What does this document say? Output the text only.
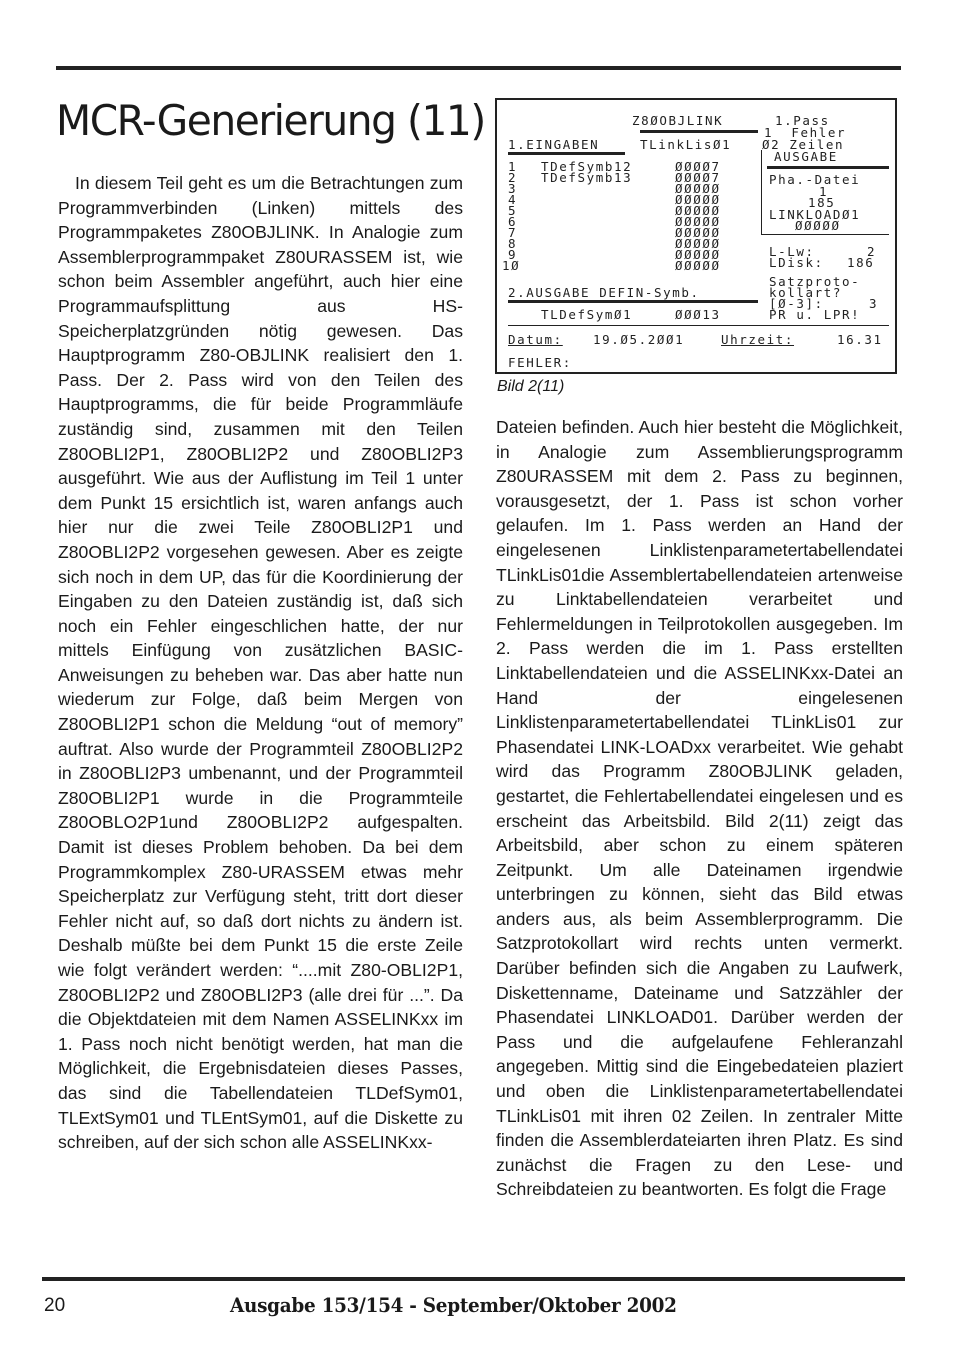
MCR-Generierung (11)

In diesem Teil geht es um die Betrachtungen zum Programmverbinden (Linken) mittels des Programmpaketes Z80OBJLINK. In Analogie zum Assemblerprogrammpaket Z80URASSEM ist, wie schon beim Assembler angeführt, auch hier eine Programmaufsplittung aus HS-Speicherplatzgründen nötig gewesen. Das Hauptprogramm Z80-OBJLINK realisiert den 1. Pass. Der 2. Pass wird von den Teilen des Hauptprogramms, die für beide Programmläufe zuständig sind, zusammen mit den Teilen Z80OBLI2P1, Z80OBLI2P2 und Z80OBLI2P3 ausgeführt. Wie aus der Auflistung im Teil 1 unter dem Punkt 15 ersichtlich ist, waren anfangs auch hier nur die zwei Teile Z80OBLI2P1 und Z80OBLI2P2 vorgesehen gewesen. Aber es zeigte sich noch in dem UP, das für die Koordinierung der Eingaben zu den Dateien zuständig ist, daß sich noch ein Fehler eingeschlichen hatte, der nur mittels Einfügung von zusätzlichen BASIC-Anweisungen zu beheben war. Das aber hatte nun wiederum zur Folge, daß beim Mergen von Z80OBLI2P1 schon die Meldung “out of memory” auftrat. Also wurde der Programmteil Z80OBLI2P2 in Z80OBLI2P3 umbenannt, und der Programmteil Z80OBLI2P1 wurde in die Programmteile Z80OBLO2P1und Z80OBLI2P2 aufgespalten. Damit ist dieses Problem behoben. Da bei dem Programmkomplex Z80-URASSEM etwas mehr Speicherplatz zur Verfügung steht, tritt dort dieser Fehler nicht auf, so daß dort nichts zu ändern ist. Deshalb müßte bei dem Punkt 15 die erste Zeile wie folgt verändert werden: “....mit Z80-OBLI2P1, Z80OBLI2P2 und Z80OBLI2P3 (alle drei für ...”. Da die Objektdateien mit dem Namen ASSELINKxx im 1. Pass noch nicht benötigt werden, hat man die Möglichkeit, die Ergebnisdateien dieses Passes, das sind die Tabellendateien TLDefSym01, TLExtSym01 und TLEntSym01, auf die Diskette zu schreiben, auf der sich schon alle ASSELINKxx-

Z8ØOBJLINK	1.Pass
1  Fehler
1.EINGABEN	TLinkLisØ1 Ø2 Zeilen
AUSGABE
1 TDefSymb12	ØØØØ7
2 TDefSymb13	ØØØØ7
3	ØØØØØ
4	ØØØØØ
5	ØØØØØ
6	ØØØØØ
7	ØØØØØ
8	ØØØØØ
9	ØØØØØ
1Ø	ØØØØØ
Pha.-Datei
1
185
LINKLOADØ1
ØØØØØ
L-Lw:	2
LDisk: 186
Satzproto-
kollart?
[Ø-3]:	3
PR u. LPR!
2.AUSGABE DEFIN-Symb.
TLDefSymØ1	ØØØ13
Datum: 19.Ø5.2ØØ1	Uhrzeit:	16.31
FEHLER:
Bild 2(11)

Dateien befinden. Auch hier besteht die Möglichkeit, in Analogie zum Assemblierungsprogramm Z80URASSEM mit dem 2. Pass zu beginnen, vorausgesetzt, der 1. Pass ist schon vorher gelaufen. Im 1. Pass werden an Hand der eingelesenen Linklistenparametertabellendatei TLinkLis01die Assemblertabellendateien artenweise zu Linktabellendateien verarbeitet und Fehlermeldungen in Teilprotokollen ausgegeben. Im 2. Pass werden die im 1. Pass erstellten Linktabellendateien und die ASSELINKxx-Datei an Hand der eingelesenen Linklistenparametertabellendatei TLinkLis01 zur Phasendatei LINK-LOADxx verarbeitet. Wie gehabt wird das Programm Z80OBJLINK geladen, gestartet, die Fehlertabellendatei eingelesen und es erscheint das Arbeitsbild. Bild 2(11) zeigt das Arbeitsbild, aber schon zu einem späteren Zeitpunkt. Um alle Dateinamen irgendwie unterbringen zu können, sieht das Bild etwas anders aus, als beim Assemblerprogramm. Die Satzprotokollart wird rechts unten vermerkt. Darüber befinden sich die Angaben zu Laufwerk, Diskettenname, Dateiname und Satzzähler der Phasendatei LINKLOAD01. Darüber werden der Pass und die aufgelaufene Fehleranzahl angegeben. Mittig sind die Eingebedateien plaziert und oben die Linklistenparametertabellendatei TLinkLis01 mit ihren 02 Zeilen. In zentraler Mitte finden die Assemblerdateiarten ihren Platz. Es sind zunächst die Fragen zu den Lese- und Schreibdateien zu beantworten. Es folgt die Frage

20	Ausgabe 153/154 - September/Oktober 2002
